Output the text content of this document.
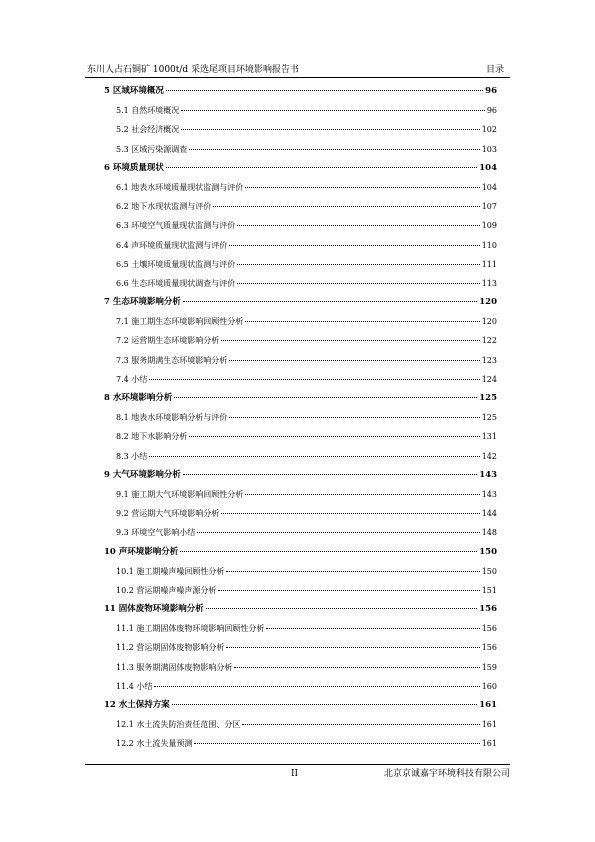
东川人占石铜矿 1000t/d 采选尾项目环境影响报告书	目录
5 区域环境概况	96
5.1 自然环境概况	96
5.2 社会经济概况	102
5.3 区域污染源调查	103
6 环境质量现状	104
6.1 地表水环境质量现状监测与评价	104
6.2 地下水现状监测与评价	107
6.3 环境空气质量现状监测与评价	109
6.4 声环境质量现状监测与评价	110
6.5 土壤环境质量现状监测与评价	111
6.6 生态环境质量现状调查与评价	113
7 生态环境影响分析	120
7.1 施工期生态环境影响回顾性分析	120
7.2 运营期生态环境影响分析	122
7.3 服务期满生态环境影响分析	123
7.4 小结	124
8 水环境影响分析	125
8.1 地表水环境影响分析与评价	125
8.2 地下水影响分析	131
8.3 小结	142
9 大气环境影响分析	143
9.1 施工期大气环境影响回顾性分析	143
9.2 营运期大气环境影响分析	144
9.3 环境空气影响小结	148
10 声环境影响分析	150
10.1 施工期噪声噪回顾性分析	150
10.2 营运期噪声噪声源分析	151
11 固体废物环境影响分析	156
11.1 施工期固体废物环境影响回顾性分析	156
11.2 营运期固体废物影响分析	156
11.3 服务期满固体废物影响分析	159
11.4 小结	160
12 水土保持方案	161
12.1 水土流失防治责任范围、分区	161
12.2 水土流失量预测	161
II	北京京诚嘉宇环境科技有限公司
